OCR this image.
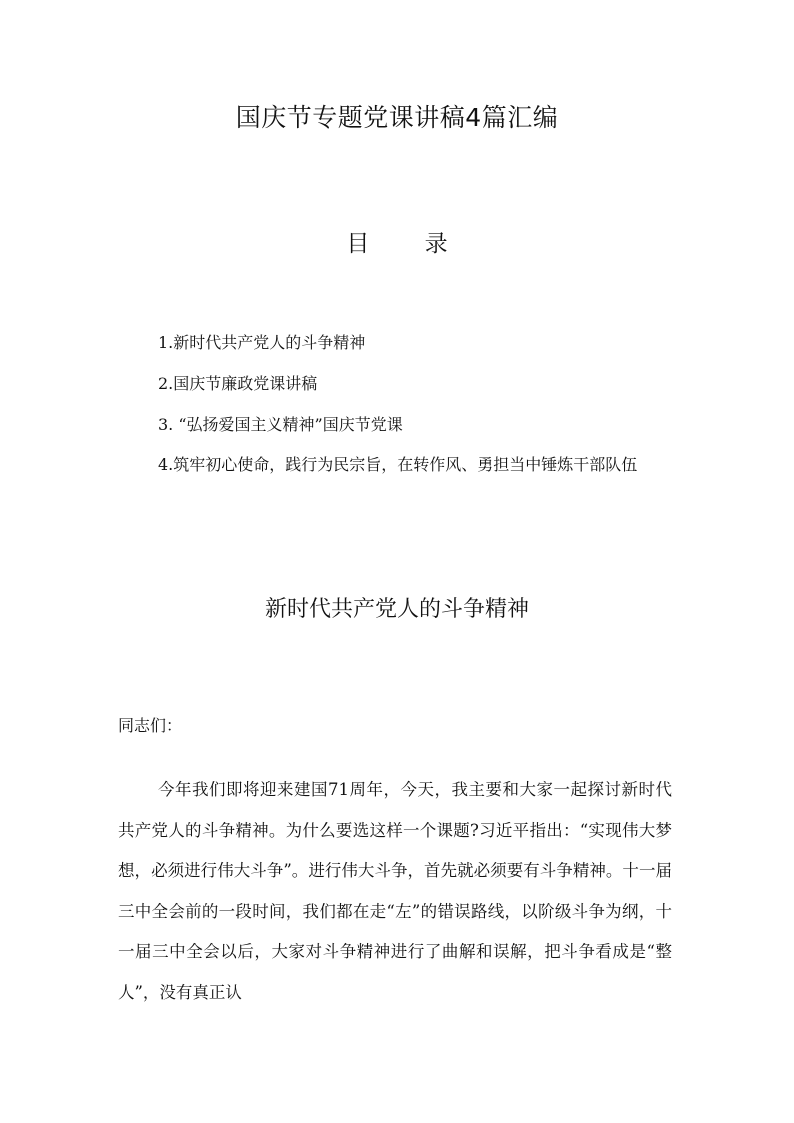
国庆节专题党课讲稿4篇汇编
目 录
1.新时代共产党人的斗争精神
2.国庆节廉政党课讲稿
3. “弘扬爱国主义精神”国庆节党课
4.筑牢初心使命，践行为民宗旨，在转作风、勇担当中锤炼干部队伍
新时代共产党人的斗争精神
同志们：
今年我们即将迎来建国71周年，今天，我主要和大家一起探讨新时代共产党人的斗争精神。为什么要选这样一个课题?习近平指出：“实现伟大梦想，必须进行伟大斗争”。进行伟大斗争，首先就必须要有斗争精神。十一届三中全会前的一段时间，我们都在走“左”的错误路线，以阶级斗争为纲，十一届三中全会以后，大家对斗争精神进行了曲解和误解，把斗争看成是“整人”，没有真正认
